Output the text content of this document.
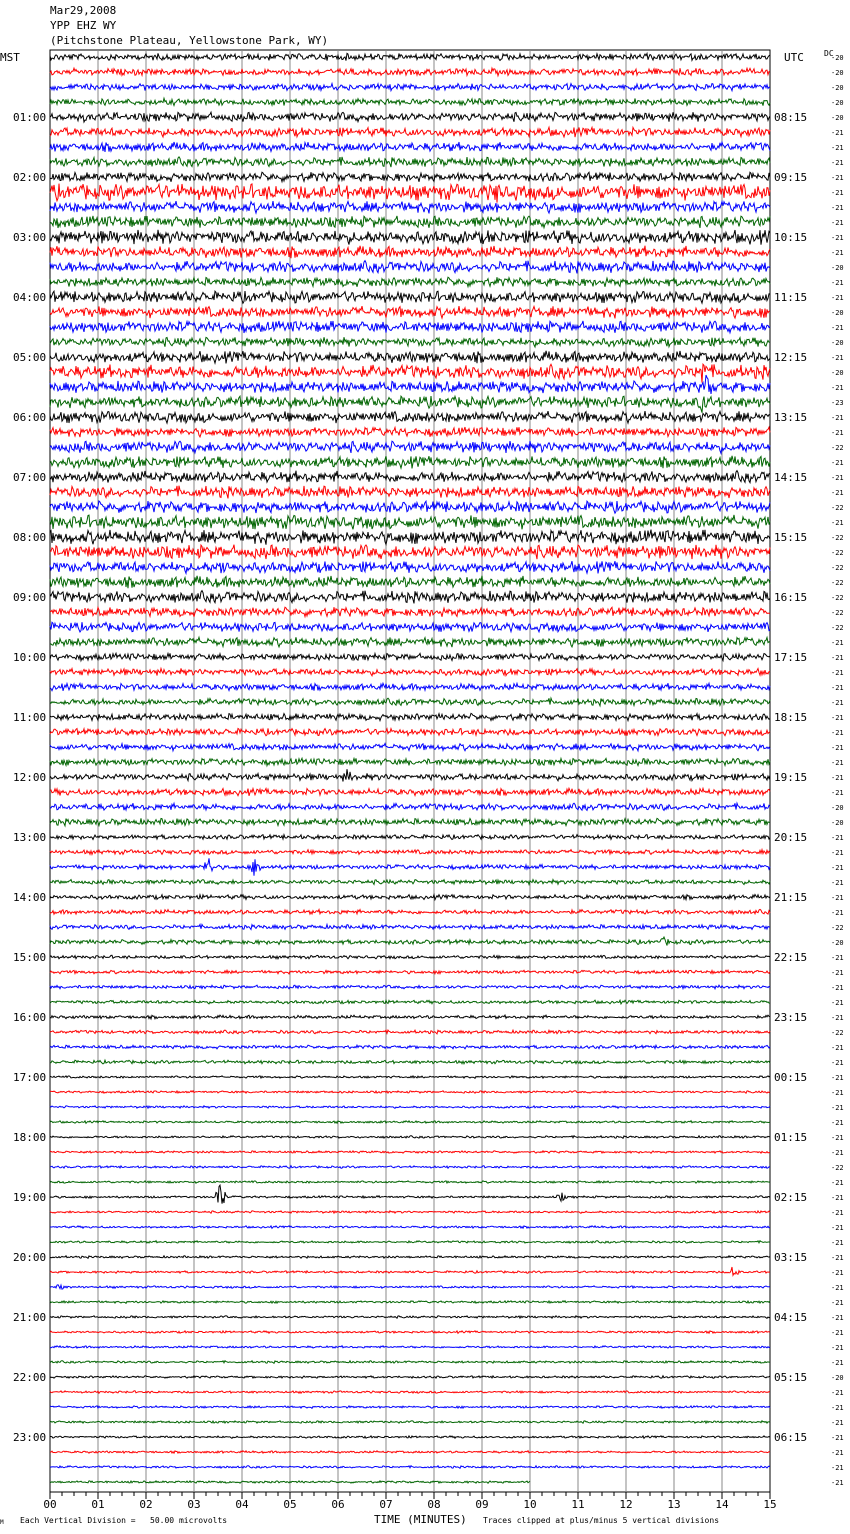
Mar29,2008
YPP EHZ WY
(Pitchstone Plateau, Yellowstone Park, WY)
MST	UTC	DC
-20
-20
-20
-20
-20
-21
-21
-21
-21
-21
-21
-21
-21
-21
-20
-21
-21
-20
-21
-20
-21
-20
-21
-23
-21
-21
-22
-21
-21
-21
-22
-21
-22
-22
-22
-22
-22
-22
-22
-21
-21
-21
-21
-21
-21
-21
-21
-21
-21
-21
-20
-20
-21
-21
-21
-21
-21
-21
-22
-20
-21
-21
-21
-21
-21
-22
-21
-21
-21
-21
-21
-21
-21
-21
-22
-21
-21
-21
-21
-21
-21
-21
-21
-21
-21
-21
-21
-21
-20
-21
-21
-21
-21
-21
-21
-21
01:00
02:00
03:00
04:00
05:00
06:00
07:00
08:00
09:00
10:00
11:00
12:00
13:00
14:00
15:00
16:00
17:00
18:00
19:00
20:00
21:00
22:00
23:00
08:15
09:15
10:15
11:15
12:15
13:15
14:15
15:15
16:15
17:15
18:15
19:15
20:15
21:15
22:15
23:15
00:15
01:15
02:15
03:15
04:15
05:15
06:15
00	01	02	03	04	05	06	07	08	09	10	11	12	13	14	15
TIME (MINUTES)
M Each Vertical Division =   50.00 microvolts	Traces clipped at plus/minus 5 vertical divisions
